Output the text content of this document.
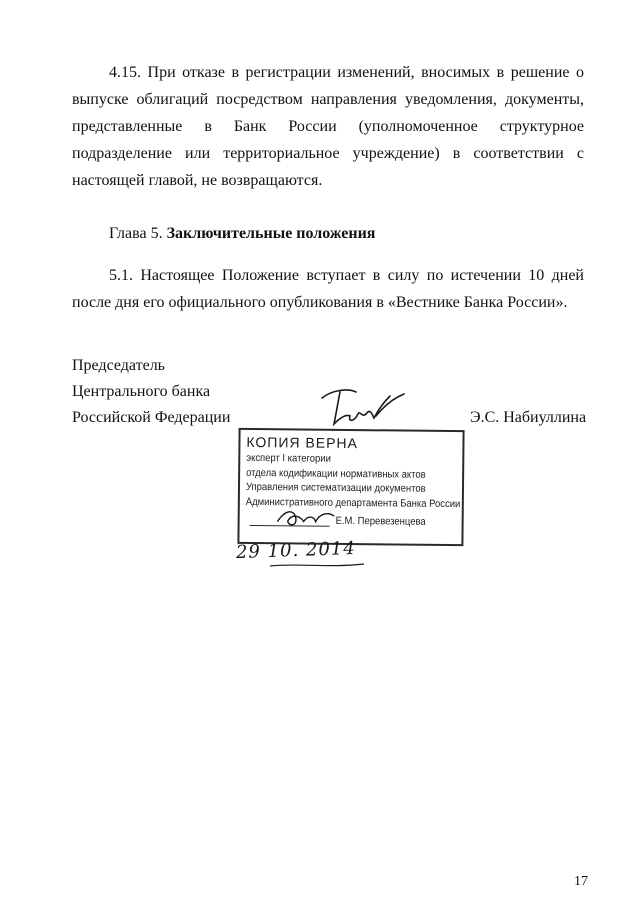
4.15. При отказе в регистрации изменений, вносимых в решение о выпуске облигаций посредством направления уведомления, документы, представленные в Банк России (уполномоченное структурное подразделение или территориальное учреждение) в соответствии с настоящей главой, не возвращаются.

Глава 5. Заключительные положения

5.1. Настоящее Положение вступает в силу по истечении 10 дней после дня его официального опубликования в «Вестнике Банка России».

Председатель
Центрального банка
Российской Федерации	Э.С. Набиуллина
КОПИЯ ВЕРНА
эксперт I категории
отдела кодификации нормативных актов
Управления систематизации документов
Административного департамента Банка России
Е.М. Перевезенцева
29 10. 2014
17
